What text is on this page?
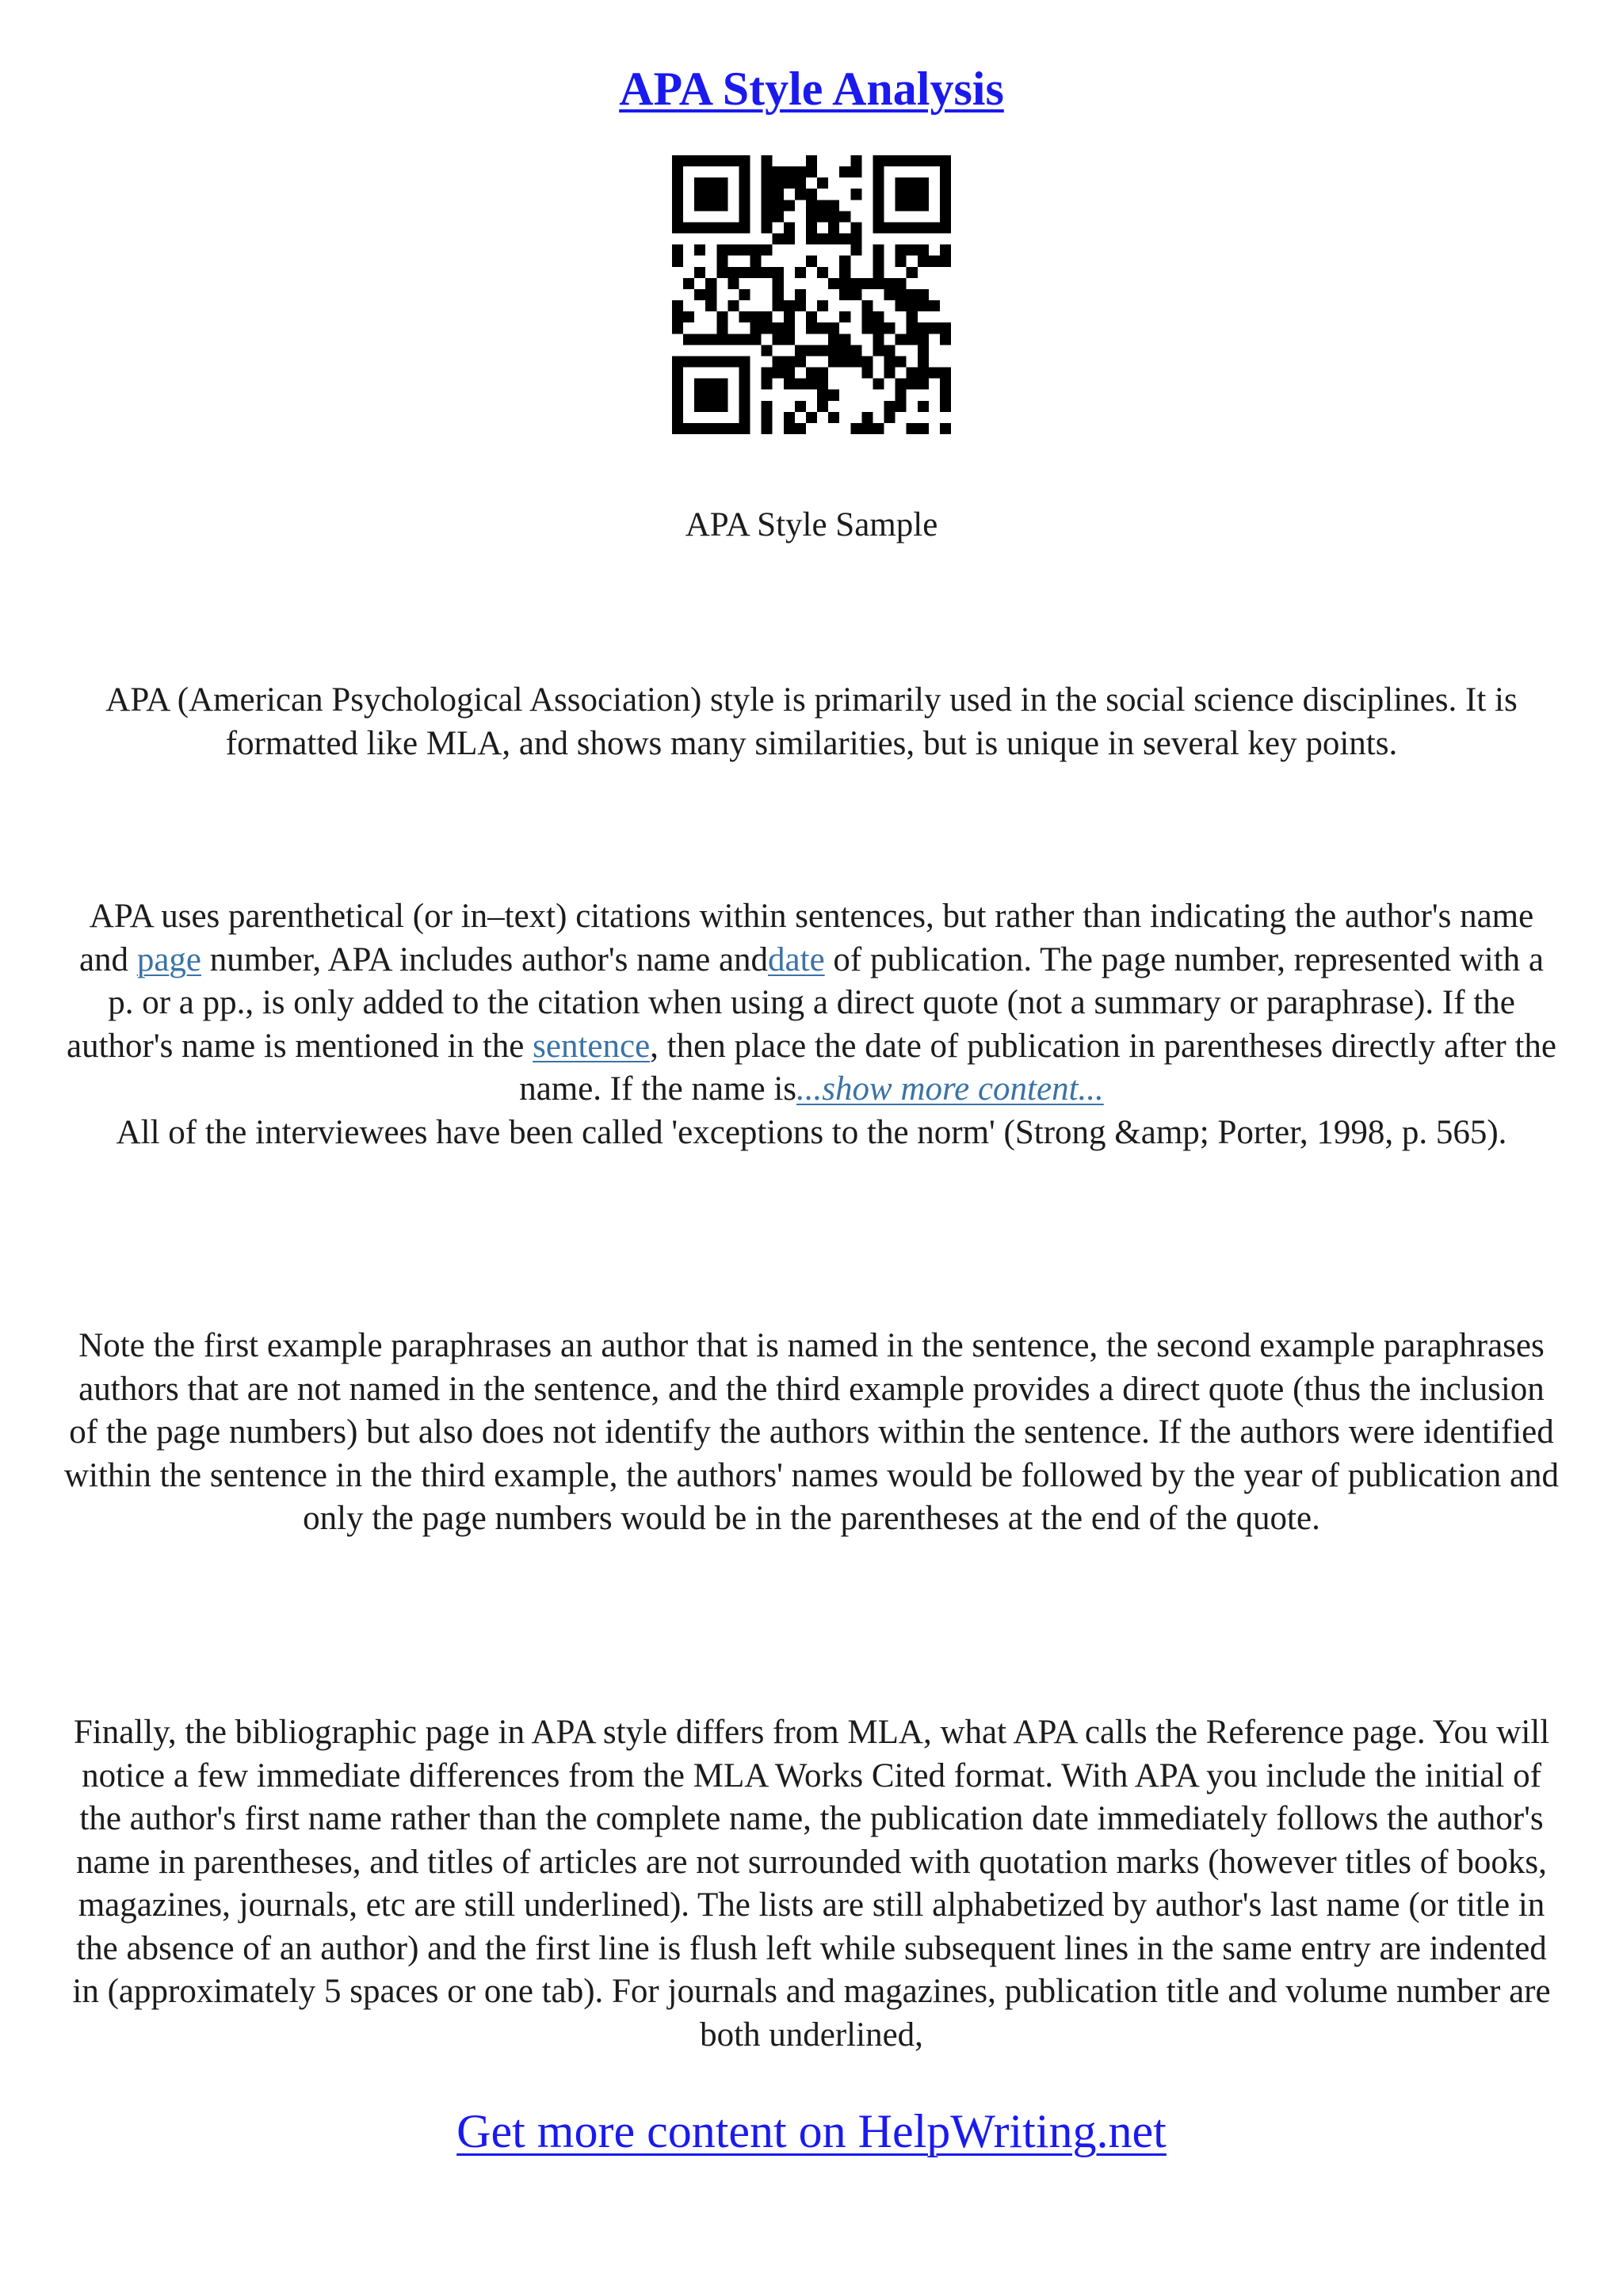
APA Style Analysis
APA Style Sample
APA (American Psychological Association) style is primarily used in the social science disciplines. It is formatted like MLA, and shows many similarities, but is unique in several key points.
APA uses parenthetical (or in–text) citations within sentences, but rather than indicating the author's name and page number, APA includes author's name anddate of publication. The page number, represented with a p. or a pp., is only added to the citation when using a direct quote (not a summary or paraphrase). If the author's name is mentioned in the sentence, then place the date of publication in parentheses directly after the name. If the name is...show more content...
All of the interviewees have been called 'exceptions to the norm' (Strong &amp; Porter, 1998, p. 565).
Note the first example paraphrases an author that is named in the sentence, the second example paraphrases authors that are not named in the sentence, and the third example provides a direct quote (thus the inclusion of the page numbers) but also does not identify the authors within the sentence. If the authors were identified within the sentence in the third example, the authors' names would be followed by the year of publication and only the page numbers would be in the parentheses at the end of the quote.
Finally, the bibliographic page in APA style differs from MLA, what APA calls the Reference page. You will notice a few immediate differences from the MLA Works Cited format. With APA you include the initial of the author's first name rather than the complete name, the publication date immediately follows the author's name in parentheses, and titles of articles are not surrounded with quotation marks (however titles of books, magazines, journals, etc are still underlined). The lists are still alphabetized by author's last name (or title in the absence of an author) and the first line is flush left while subsequent lines in the same entry are indented in (approximately 5 spaces or one tab). For journals and magazines, publication title and volume number are both underlined,
Get more content on HelpWriting.net
